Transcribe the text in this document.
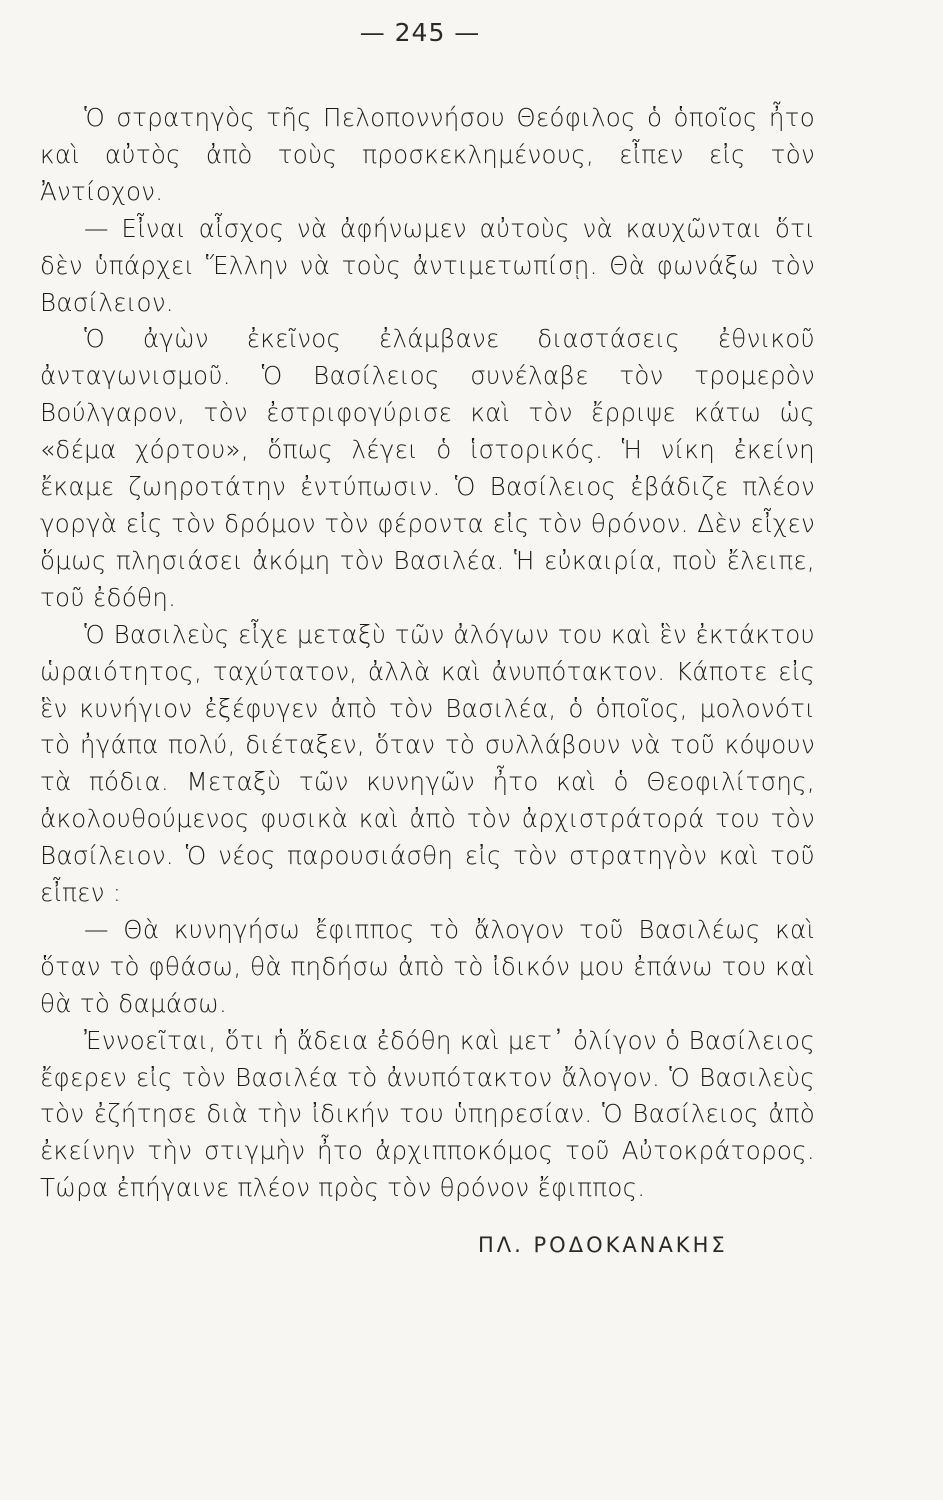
— 245 —

Ὁ στρατηγὸς τῆς Πελοποννήσου Θεόφιλος ὁ ὁποῖος ἦτο καὶ αὐτὸς ἀπὸ τοὺς προσκεκλημένους, εἶπεν εἰς τὸν Ἀντίοχον.

— Εἶναι αἶσχος νὰ ἀφήνωμεν αὐτοὺς νὰ καυχῶνται ὅτι δὲν ὑπάρχει Ἕλλην νὰ τοὺς ἀντιμετωπίσῃ. Θὰ φωνάξω τὸν Βασίλειον.

Ὁ ἀγὼν ἐκεῖνος ἐλάμβανε διαστάσεις ἐθνικοῦ ἀνταγωνισμοῦ. Ὁ Βασίλειος συνέλαβε τὸν τρομερὸν Βούλγαρον, τὸν ἐστριφογύρισε καὶ τὸν ἔρριψε κάτω ὡς «δέμα χόρτου», ὅπως λέγει ὁ ἱστορικός. Ἡ νίκη ἐκείνη ἔκαμε ζωηροτάτην ἐντύπωσιν. Ὁ Βασίλειος ἐβάδιζε πλέον γοργὰ εἰς τὸν δρόμον τὸν φέροντα εἰς τὸν θρόνον. Δὲν εἶχεν ὅμως πλησιάσει ἀκόμη τὸν Βασιλέα. Ἡ εὐκαιρία, ποὺ ἔλειπε, τοῦ ἐδόθη.

Ὁ Βασιλεὺς εἶχε μεταξὺ τῶν ἀλόγων του καὶ ἓν ἐκτάκτου ὡραιότητος, ταχύτατον, ἀλλὰ καὶ ἀνυπότακτον. Κάποτε εἰς ἓν κυνήγιον ἐξέφυγεν ἀπὸ τὸν Βασιλέα, ὁ ὁποῖος, μολονότι τὸ ἠγάπα πολύ, διέταξεν, ὅταν τὸ συλλάβουν νὰ τοῦ κόψουν τὰ πόδια. Μεταξὺ τῶν κυνηγῶν ἦτο καὶ ὁ Θεοφιλίτσης, ἀκολουθούμενος φυσικὰ καὶ ἀπὸ τὸν ἀρχιστράτορά του τὸν Βασίλειον. Ὁ νέος παρουσιάσθη εἰς τὸν στρατηγὸν καὶ τοῦ εἶπεν :

— Θὰ κυνηγήσω ἔφιππος τὸ ἄλογον τοῦ Βασιλέως καὶ ὅταν τὸ φθάσω, θὰ πηδήσω ἀπὸ τὸ ἰδικόν μου ἐπάνω του καὶ θὰ τὸ δαμάσω.

Ἐννοεῖται, ὅτι ἡ ἄδεια ἐδόθη καὶ μετ᾽ ὀλίγον ὁ Βασίλειος ἔφερεν εἰς τὸν Βασιλέα τὸ ἀνυπότακτον ἄλογον. Ὁ Βασιλεὺς τὸν ἐζήτησε διὰ τὴν ἰδικήν του ὑπηρεσίαν. Ὁ Βασίλειος ἀπὸ ἐκείνην τὴν στιγμὴν ἦτο ἀρχιπποκόμος τοῦ Αὐτοκράτορος. Τώρα ἐπήγαινε πλέον πρὸς τὸν θρόνον ἔφιππος.

ΠΛ. ΡΟΔΟΚΑΝΑΚΗΣ
